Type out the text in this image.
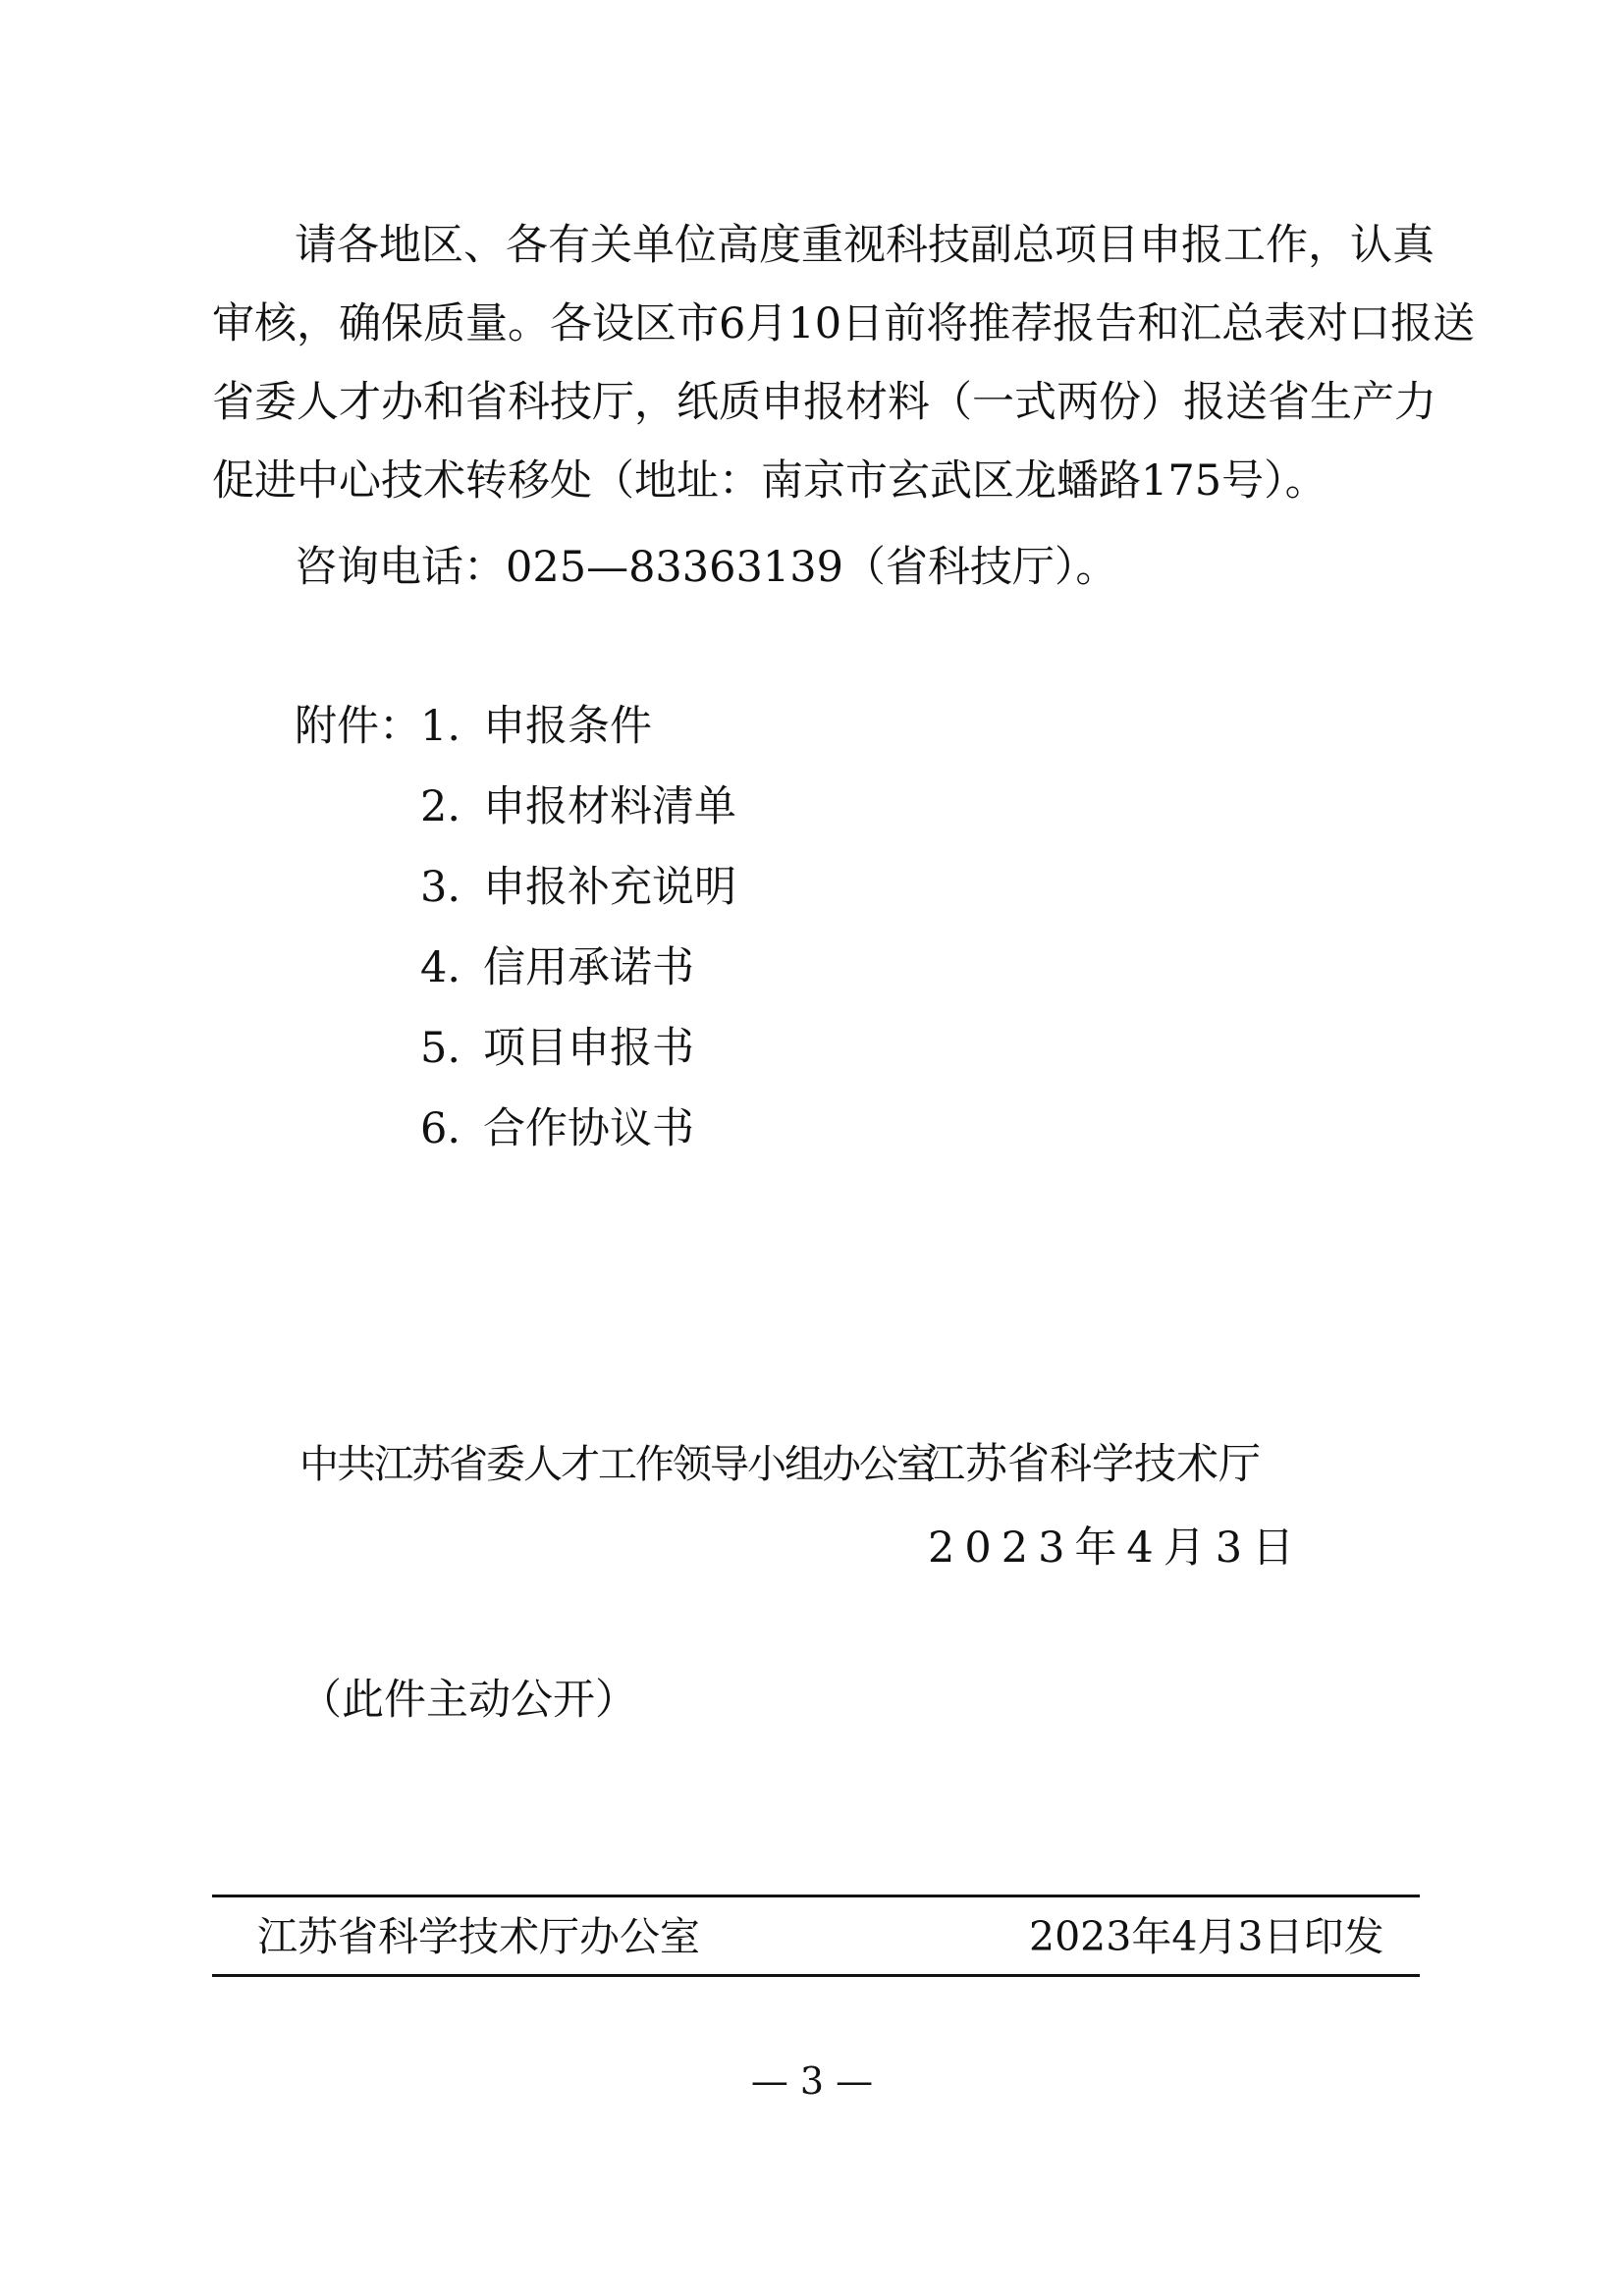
请各地区、各有关单位高度重视科技副总项目申报工作，认真
审核，确保质量。各设区市6月10日前将推荐报告和汇总表对口报送
省委人才办和省科技厅，纸质申报材料（一式两份）报送省生产力
促进中心技术转移处（地址：南京市玄武区龙蟠路175号）。
咨询电话：025—83363139（省科技厅）。
附件： 1. 申报条件
2. 申报材料清单
3. 申报补充说明
4. 信用承诺书
5. 项目申报书
6. 合作协议书
中共江苏省委人才工作领导小组办公室
江苏省科学技术厅
2023年4月3日
（此件主动公开）
江苏省科学技术厅办公室	2023年4月3日印发
— 3 —
